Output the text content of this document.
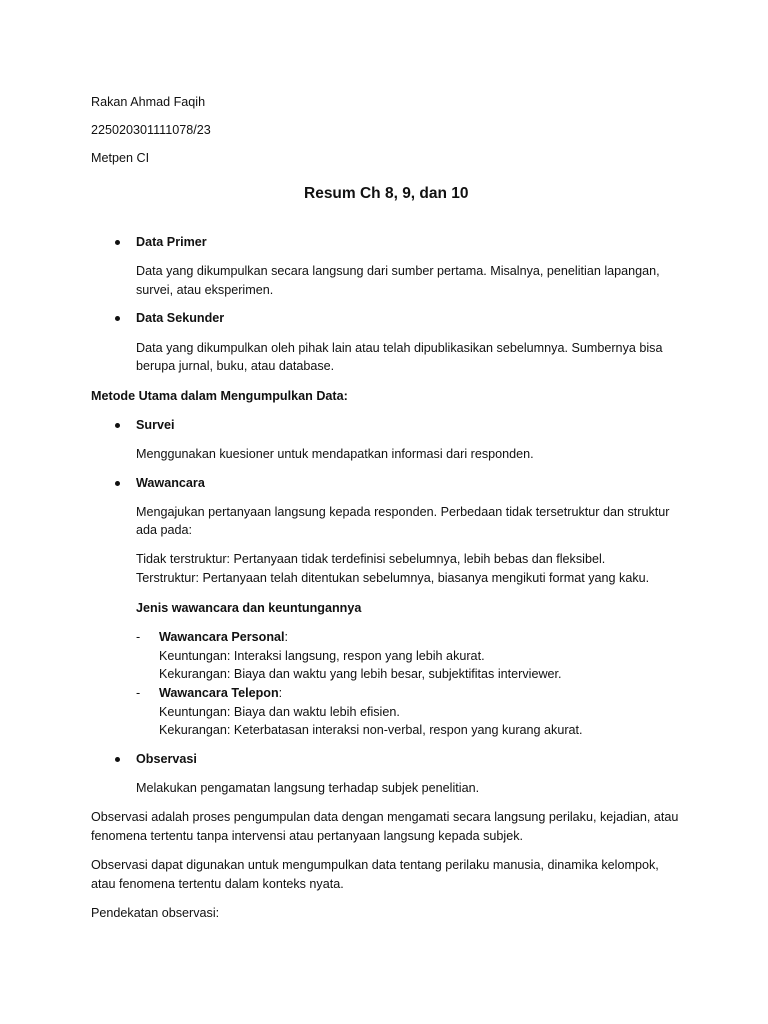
Rakan Ahmad Faqih
225020301111078/23
Metpen CI
Resum Ch 8, 9, dan 10
Data Primer
Data yang dikumpulkan secara langsung dari sumber pertama. Misalnya, penelitian lapangan,
survei, atau eksperimen.
Data Sekunder
Data yang dikumpulkan oleh pihak lain atau telah dipublikasikan sebelumnya. Sumbernya bisa
berupa jurnal, buku, atau database.
Metode Utama dalam Mengumpulkan Data:
Survei
Menggunakan kuesioner untuk mendapatkan informasi dari responden.
Wawancara
Mengajukan pertanyaan langsung kepada responden. Perbedaan tidak tersetruktur dan struktur
ada pada:
Tidak terstruktur: Pertanyaan tidak terdefinisi sebelumnya, lebih bebas dan fleksibel.
Terstruktur: Pertanyaan telah ditentukan sebelumnya, biasanya mengikuti format yang kaku.
Jenis wawancara dan keuntungannya
- Wawancara Personal:
Keuntungan: Interaksi langsung, respon yang lebih akurat.
Kekurangan: Biaya dan waktu yang lebih besar, subjektifitas interviewer.
- Wawancara Telepon:
Keuntungan: Biaya dan waktu lebih efisien.
Kekurangan: Keterbatasan interaksi non-verbal, respon yang kurang akurat.
Observasi
Melakukan pengamatan langsung terhadap subjek penelitian.
Observasi adalah proses pengumpulan data dengan mengamati secara langsung perilaku, kejadian, atau
fenomena tertentu tanpa intervensi atau pertanyaan langsung kepada subjek.
Observasi dapat digunakan untuk mengumpulkan data tentang perilaku manusia, dinamika kelompok,
atau fenomena tertentu dalam konteks nyata.
Pendekatan observasi:
